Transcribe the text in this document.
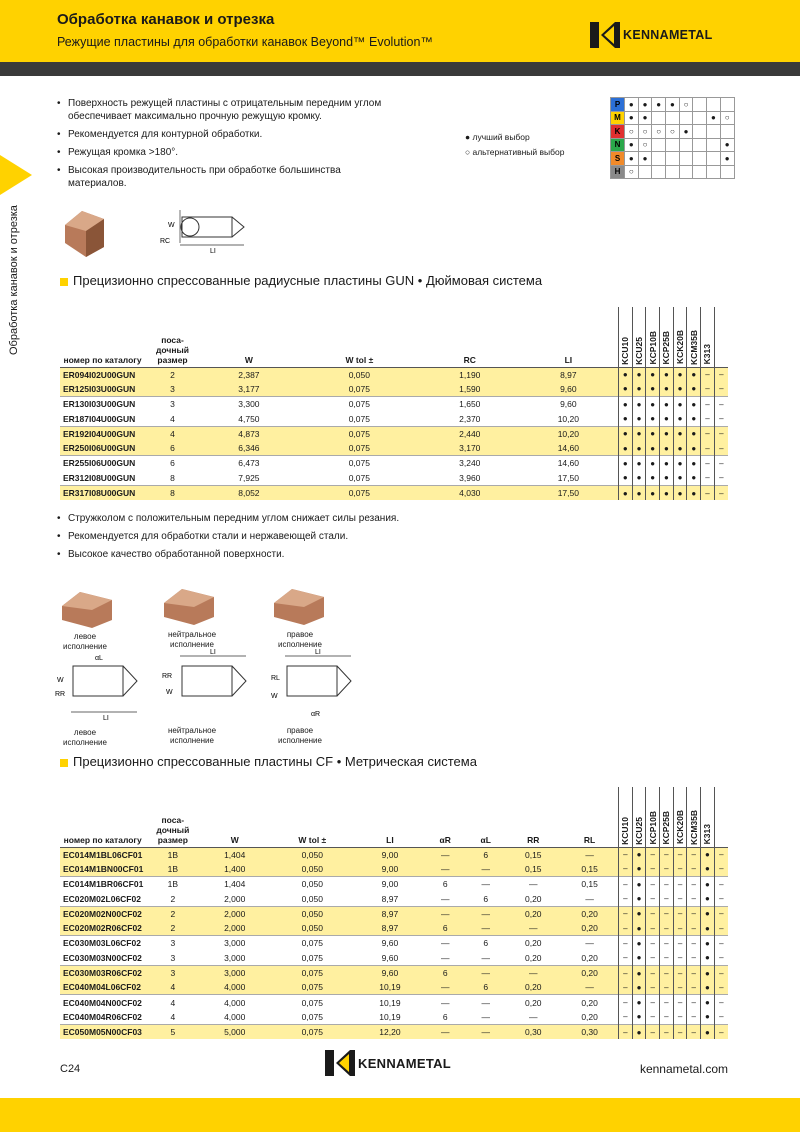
Обработка канавок и отрезка
Режущие пластины для обработки канавок Beyond™ Evolution™	KENNAMETAL
Обработка канавок и отрезка
• Поверхность режущей пластины с отрицательным передним углом обеспечивает максимально прочную режущую кромку.
• Рекомендуется для контурной обработки.
• Режущая кромка >180°.
• Высокая производительность при обработке большинства материалов.
● лучший выбор
○ альтернативный выбор
P	●	●	●	●	○			
M	●	●					●	○
K	○	○	○	○	●			
N	●	○						●
S	●	●						●
H	○							
W
RC
LI
Прецизионно спрессованные радиусные пластины GUN • Дюймовая система
номер по каталогу	поса-дочный размер	W	W tol ±	RC	LI	KCU10	KCU25	KCP10B	KCP25B	KCK20B	KCM35B	K313	
ER094I02U00GUN	2	2,387	0,050	1,190	8,97	●	●	●	●	●	●	–	–
ER125I03U00GUN	3	3,177	0,075	1,590	9,60	●	●	●	●	●	●	–	–
ER130I03U00GUN	3	3,300	0,075	1,650	9,60	●	●	●	●	●	●	–	–
ER187I04U00GUN	4	4,750	0,075	2,370	10,20	●	●	●	●	●	●	–	–
ER192I04U00GUN	4	4,873	0,075	2,440	10,20	●	●	●	●	●	●	–	–
ER250I06U00GUN	6	6,346	0,075	3,170	14,60	●	●	●	●	●	●	–	–
ER255I06U00GUN	6	6,473	0,075	3,240	14,60	●	●	●	●	●	●	–	–
ER312I08U00GUN	8	7,925	0,075	3,960	17,50	●	●	●	●	●	●	–	–
ER317I08U00GUN	8	8,052	0,075	4,030	17,50	●	●	●	●	●	●	–	–
• Стружколом с положительным передним углом снижает силы резания.
• Рекомендуется для обработки стали и нержавеющей стали.
• Высокое качество обработанной поверхности.
левое исполнение
нейтральное исполнение
правое исполнение
αL
W
RR
LI
левое исполнение
LI
RR
W
нейтральное исполнение
LI
RL
W
αR
правое исполнение
Прецизионно спрессованные пластины CF • Метрическая система
номер по каталогу	поса-дочный размер	W	W tol ±	LI	αR	αL	RR	RL	KCU10	KCU25	KCP10B	KCP25B	KCK20B	KCM35B	K313	
EC014M1BL06CF01	1B	1,404	0,050	9,00	—	6	0,15	—	–	●	–	–	–	–	●	–
EC014M1BN00CF01	1B	1,400	0,050	9,00	—	—	0,15	0,15	–	●	–	–	–	–	●	–
EC014M1BR06CF01	1B	1,404	0,050	9,00	6	—	—	0,15	–	●	–	–	–	–	●	–
EC020M02L06CF02	2	2,000	0,050	8,97	—	6	0,20	—	–	●	–	–	–	–	●	–
EC020M02N00CF02	2	2,000	0,050	8,97	—	—	0,20	0,20	–	●	–	–	–	–	●	–
EC020M02R06CF02	2	2,000	0,050	8,97	6	—	—	0,20	–	●	–	–	–	–	●	–
EC030M03L06CF02	3	3,000	0,075	9,60	—	6	0,20	—	–	●	–	–	–	–	●	–
EC030M03N00CF02	3	3,000	0,075	9,60	—	—	0,20	0,20	–	●	–	–	–	–	●	–
EC030M03R06CF02	3	3,000	0,075	9,60	6	—	—	0,20	–	●	–	–	–	–	●	–
EC040M04L06CF02	4	4,000	0,075	10,19	—	6	0,20	—	–	●	–	–	–	–	●	–
EC040M04N00CF02	4	4,000	0,075	10,19	—	—	0,20	0,20	–	●	–	–	–	–	●	–
EC040M04R06CF02	4	4,000	0,075	10,19	6	—	—	0,20	–	●	–	–	–	–	●	–
EC050M05N00CF03	5	5,000	0,075	12,20	—	—	0,30	0,30	–	●	–	–	–	–	●	–
C24	KENNAMETAL	kennametal.com
